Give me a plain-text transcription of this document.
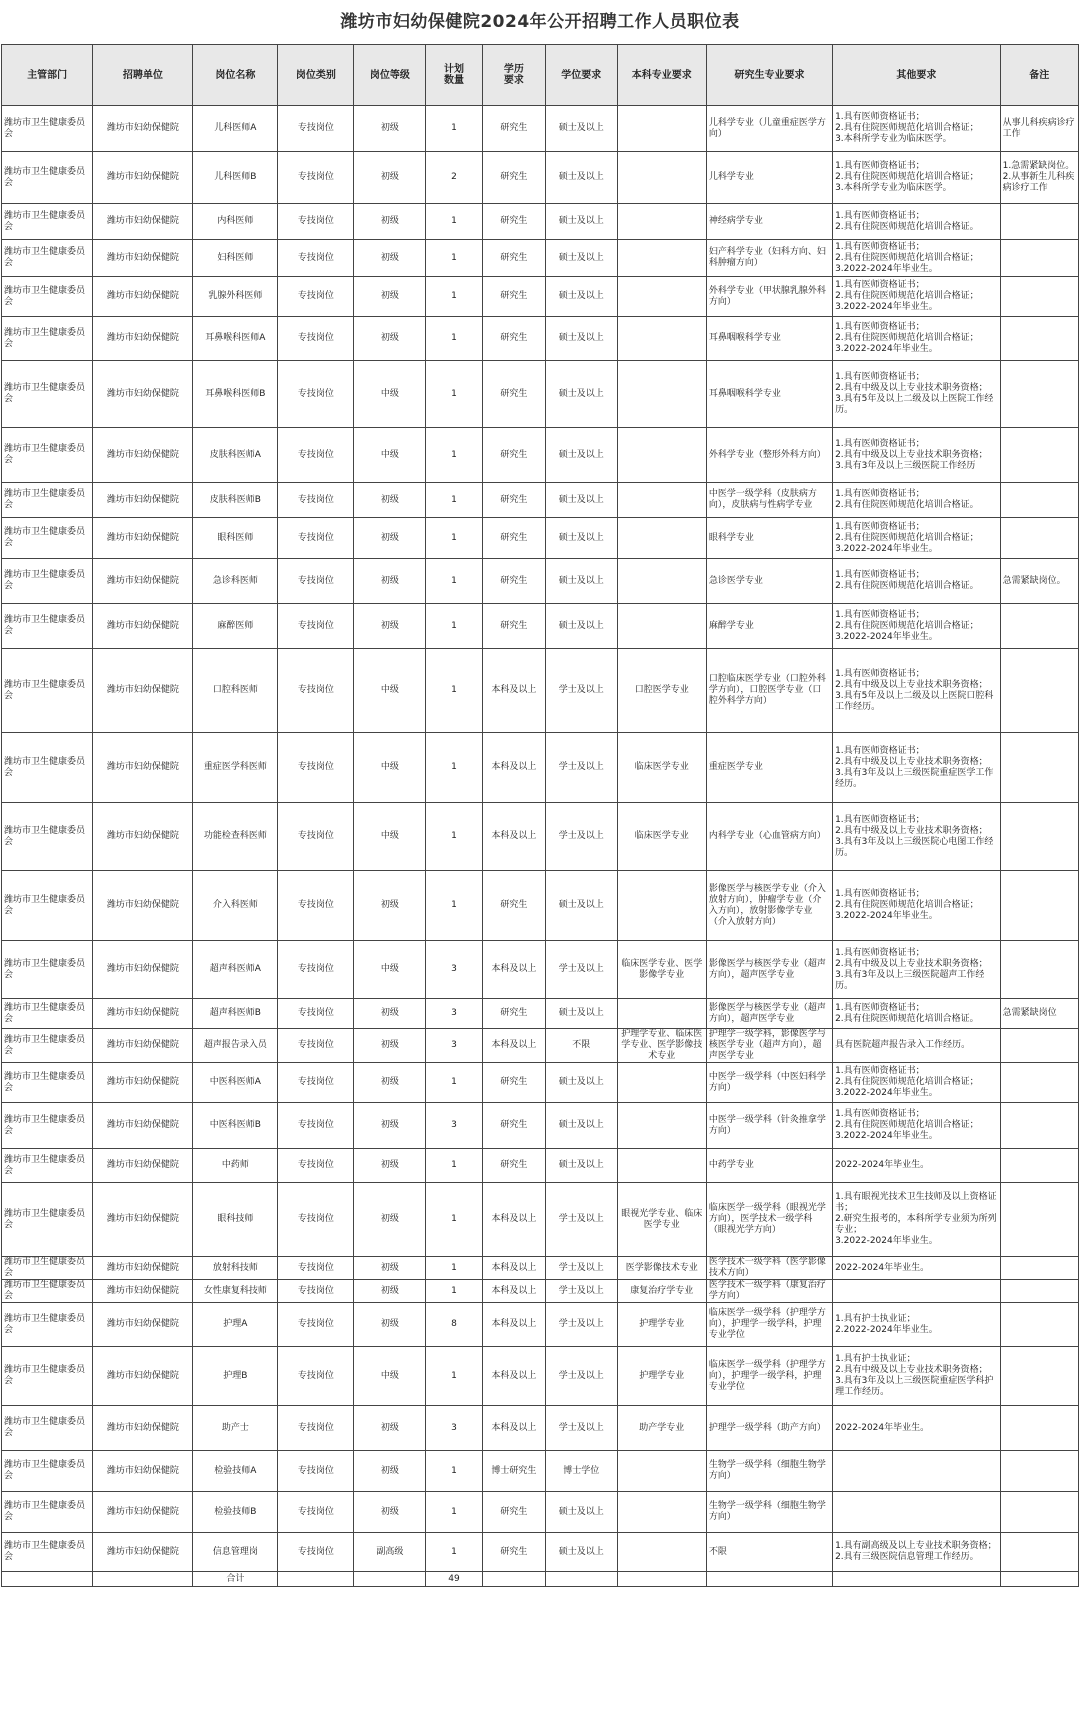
潍坊市妇幼保健院2024年公开招聘工作人员职位表
主管部门	招聘单位	岗位名称	岗位类别	岗位等级	计划
数量	学历
要求	学位要求	本科专业要求	研究生专业要求	其他要求	备注
潍坊市卫生健康委员会	潍坊市妇幼保健院	儿科医师A	专技岗位	初级	1	研究生	硕士及以上		儿科学专业（儿童重症医学方向）	1.具有医师资格证书；
2.具有住院医师规范化培训合格证；
3.本科所学专业为临床医学。	从事儿科疾病诊疗工作
潍坊市卫生健康委员会	潍坊市妇幼保健院	儿科医师B	专技岗位	初级	2	研究生	硕士及以上		儿科学专业	1.具有医师资格证书；
2.具有住院医师规范化培训合格证；
3.本科所学专业为临床医学。	1.急需紧缺岗位。
2.从事新生儿科疾病诊疗工作
潍坊市卫生健康委员会	潍坊市妇幼保健院	内科医师	专技岗位	初级	1	研究生	硕士及以上		神经病学专业	1.具有医师资格证书；
2.具有住院医师规范化培训合格证。	
潍坊市卫生健康委员会	潍坊市妇幼保健院	妇科医师	专技岗位	初级	1	研究生	硕士及以上		妇产科学专业（妇科方向、妇科肿瘤方向）	1.具有医师资格证书；
2.具有住院医师规范化培训合格证；
3.2022-2024年毕业生。	
潍坊市卫生健康委员会	潍坊市妇幼保健院	乳腺外科医师	专技岗位	初级	1	研究生	硕士及以上		外科学专业（甲状腺乳腺外科方向）	1.具有医师资格证书；
2.具有住院医师规范化培训合格证；
3.2022-2024年毕业生。	
潍坊市卫生健康委员会	潍坊市妇幼保健院	耳鼻喉科医师A	专技岗位	初级	1	研究生	硕士及以上		耳鼻咽喉科学专业	1.具有医师资格证书；
2.具有住院医师规范化培训合格证；
3.2022-2024年毕业生。	
潍坊市卫生健康委员会	潍坊市妇幼保健院	耳鼻喉科医师B	专技岗位	中级	1	研究生	硕士及以上		耳鼻咽喉科学专业	1.具有医师资格证书；
2.具有中级及以上专业技术职务资格；
3.具有5年及以上二级及以上医院工作经历。	
潍坊市卫生健康委员会	潍坊市妇幼保健院	皮肤科医师A	专技岗位	中级	1	研究生	硕士及以上		外科学专业（整形外科方向）	1.具有医师资格证书；
2.具有中级及以上专业技术职务资格；
3.具有3年及以上三级医院工作经历	
潍坊市卫生健康委员会	潍坊市妇幼保健院	皮肤科医师B	专技岗位	初级	1	研究生	硕士及以上		中医学一级学科（皮肤病方向），皮肤病与性病学专业	1.具有医师资格证书；
2.具有住院医师规范化培训合格证。	
潍坊市卫生健康委员会	潍坊市妇幼保健院	眼科医师	专技岗位	初级	1	研究生	硕士及以上		眼科学专业	1.具有医师资格证书；
2.具有住院医师规范化培训合格证；
3.2022-2024年毕业生。	
潍坊市卫生健康委员会	潍坊市妇幼保健院	急诊科医师	专技岗位	初级	1	研究生	硕士及以上		急诊医学专业	1.具有医师资格证书；
2.具有住院医师规范化培训合格证。	急需紧缺岗位。
潍坊市卫生健康委员会	潍坊市妇幼保健院	麻醉医师	专技岗位	初级	1	研究生	硕士及以上		麻醉学专业	1.具有医师资格证书；
2.具有住院医师规范化培训合格证；
3.2022-2024年毕业生。	
潍坊市卫生健康委员会	潍坊市妇幼保健院	口腔科医师	专技岗位	中级	1	本科及以上	学士及以上	口腔医学专业	口腔临床医学专业（口腔外科学方向），口腔医学专业（口腔外科学方向）	1.具有医师资格证书；
2.具有中级及以上专业技术职务资格；
3.具有5年及以上二级及以上医院口腔科工作经历。	
潍坊市卫生健康委员会	潍坊市妇幼保健院	重症医学科医师	专技岗位	中级	1	本科及以上	学士及以上	临床医学专业	重症医学专业	1.具有医师资格证书；
2.具有中级及以上专业技术职务资格；
3.具有3年及以上三级医院重症医学工作经历。	
潍坊市卫生健康委员会	潍坊市妇幼保健院	功能检查科医师	专技岗位	中级	1	本科及以上	学士及以上	临床医学专业	内科学专业（心血管病方向）	1.具有医师资格证书；
2.具有中级及以上专业技术职务资格；
3.具有3年及以上三级医院心电图工作经历。	
潍坊市卫生健康委员会	潍坊市妇幼保健院	介入科医师	专技岗位	初级	1	研究生	硕士及以上		影像医学与核医学专业（介入放射方向），肿瘤学专业（介入方向），放射影像学专业（介入放射方向）	1.具有医师资格证书；
2.具有住院医师规范化培训合格证；
3.2022-2024年毕业生。	
潍坊市卫生健康委员会	潍坊市妇幼保健院	超声科医师A	专技岗位	中级	3	本科及以上	学士及以上	临床医学专业、医学影像学专业	影像医学与核医学专业（超声方向），超声医学专业	1.具有医师资格证书；
2.具有中级及以上专业技术职务资格；
3.具有3年及以上三级医院超声工作经历。	
潍坊市卫生健康委员会	潍坊市妇幼保健院	超声科医师B	专技岗位	初级	3	研究生	硕士及以上		影像医学与核医学专业（超声方向），超声医学专业	1.具有医师资格证书；
2.具有住院医师规范化培训合格证。	急需紧缺岗位
潍坊市卫生健康委员会	潍坊市妇幼保健院	超声报告录入员	专技岗位	初级	3	本科及以上	不限	护理学专业、临床医学专业、医学影像技术专业	护理学一级学科，影像医学与核医学专业（超声方向），超声医学专业	具有医院超声报告录入工作经历。	
潍坊市卫生健康委员会	潍坊市妇幼保健院	中医科医师A	专技岗位	初级	1	研究生	硕士及以上		中医学一级学科（中医妇科学方向）	1.具有医师资格证书；
2.具有住院医师规范化培训合格证；
3.2022-2024年毕业生。	
潍坊市卫生健康委员会	潍坊市妇幼保健院	中医科医师B	专技岗位	初级	3	研究生	硕士及以上		中医学一级学科（针灸推拿学方向）	1.具有医师资格证书；
2.具有住院医师规范化培训合格证；
3.2022-2024年毕业生。	
潍坊市卫生健康委员会	潍坊市妇幼保健院	中药师	专技岗位	初级	1	研究生	硕士及以上		中药学专业	2022-2024年毕业生。	
潍坊市卫生健康委员会	潍坊市妇幼保健院	眼科技师	专技岗位	初级	1	本科及以上	学士及以上	眼视光学专业、临床医学专业	临床医学一级学科（眼视光学方向），医学技术一级学科（眼视光学方向）	1.具有眼视光技术卫生技师及以上资格证书；
2.研究生报考的，本科所学专业须为所列专业；
3.2022-2024年毕业生。	
潍坊市卫生健康委员会	潍坊市妇幼保健院	放射科技师	专技岗位	初级	1	本科及以上	学士及以上	医学影像技术专业	医学技术一级学科（医学影像技术方向）	2022-2024年毕业生。	
潍坊市卫生健康委员会	潍坊市妇幼保健院	女性康复科技师	专技岗位	初级	1	本科及以上	学士及以上	康复治疗学专业	医学技术一级学科（康复治疗学方向）		
潍坊市卫生健康委员会	潍坊市妇幼保健院	护理A	专技岗位	初级	8	本科及以上	学士及以上	护理学专业	临床医学一级学科（护理学方向），护理学一级学科，护理专业学位	1.具有护士执业证；
2.2022-2024年毕业生。	
潍坊市卫生健康委员会	潍坊市妇幼保健院	护理B	专技岗位	中级	1	本科及以上	学士及以上	护理学专业	临床医学一级学科（护理学方向），护理学一级学科，护理专业学位	1.具有护士执业证；
2.具有中级及以上专业技术职务资格；
3.具有3年及以上三级医院重症医学科护理工作经历。	
潍坊市卫生健康委员会	潍坊市妇幼保健院	助产士	专技岗位	初级	3	本科及以上	学士及以上	助产学专业	护理学一级学科（助产方向）	2022-2024年毕业生。	
潍坊市卫生健康委员会	潍坊市妇幼保健院	检验技师A	专技岗位	初级	1	博士研究生	博士学位		生物学一级学科（细胞生物学方向）		
潍坊市卫生健康委员会	潍坊市妇幼保健院	检验技师B	专技岗位	初级	1	研究生	硕士及以上		生物学一级学科（细胞生物学方向）		
潍坊市卫生健康委员会	潍坊市妇幼保健院	信息管理岗	专技岗位	副高级	1	研究生	硕士及以上		不限	1.具有副高级及以上专业技术职务资格；
2.具有三级医院信息管理工作经历。	
		合计			49						
